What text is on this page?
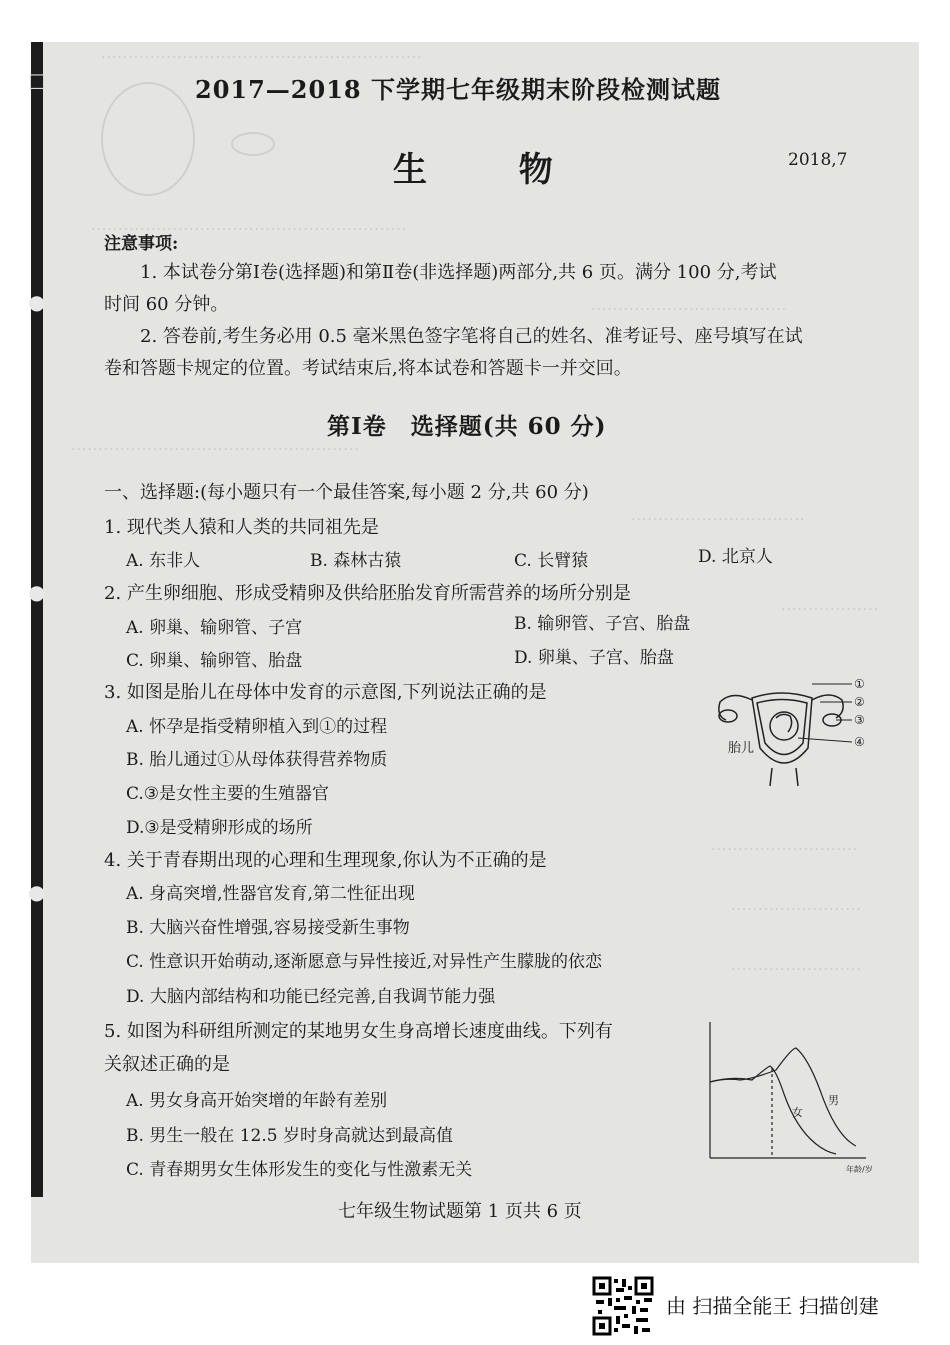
···························································
··························································
····································
·····················································
································
··················
···························
························
························
☐
●
●
●
2017—2018 下学期七年级期末阶段检测试题
生	物	2018,7
注意事项:
1. 本试卷分第Ⅰ卷(选择题)和第Ⅱ卷(非选择题)两部分,共 6 页。满分 100 分,考试
时间 60 分钟。
2. 答卷前,考生务必用 0.5 毫米黑色签字笔将自己的姓名、准考证号、座号填写在试
卷和答题卡规定的位置。考试结束后,将本试卷和答题卡一并交回。
第Ⅰ卷　选择题(共 60 分)
一、选择题:(每小题只有一个最佳答案,每小题 2 分,共 60 分)
1. 现代类人猿和人类的共同祖先是
A. 东非人	B. 森林古猿	C. 长臂猿	D. 北京人
2. 产生卵细胞、形成受精卵及供给胚胎发育所需营养的场所分别是
A. 卵巢、输卵管、子宫	B. 输卵管、子宫、胎盘
C. 卵巢、输卵管、胎盘	D. 卵巢、子宫、胎盘
3. 如图是胎儿在母体中发育的示意图,下列说法正确的是
A. 怀孕是指受精卵植入到①的过程
B. 胎儿通过①从母体获得营养物质
C.③是女性主要的生殖器官
D.③是受精卵形成的场所
①
②
③
④
胎儿
4. 关于青春期出现的心理和生理现象,你认为不正确的是
A. 身高突增,性器官发育,第二性征出现
B. 大脑兴奋性增强,容易接受新生事物
C. 性意识开始萌动,逐渐愿意与异性接近,对异性产生朦胧的依恋
D. 大脑内部结构和功能已经完善,自我调节能力强
5. 如图为科研组所测定的某地男女生身高增长速度曲线。下列有
关叙述正确的是
A. 男女身高开始突增的年龄有差别
B. 男生一般在 12.5 岁时身高就达到最高值
C. 青春期男女生体形发生的变化与性激素无关
女
男
年龄/岁
七年级生物试题第 1 页共 6 页
由 扫描全能王 扫描创建
